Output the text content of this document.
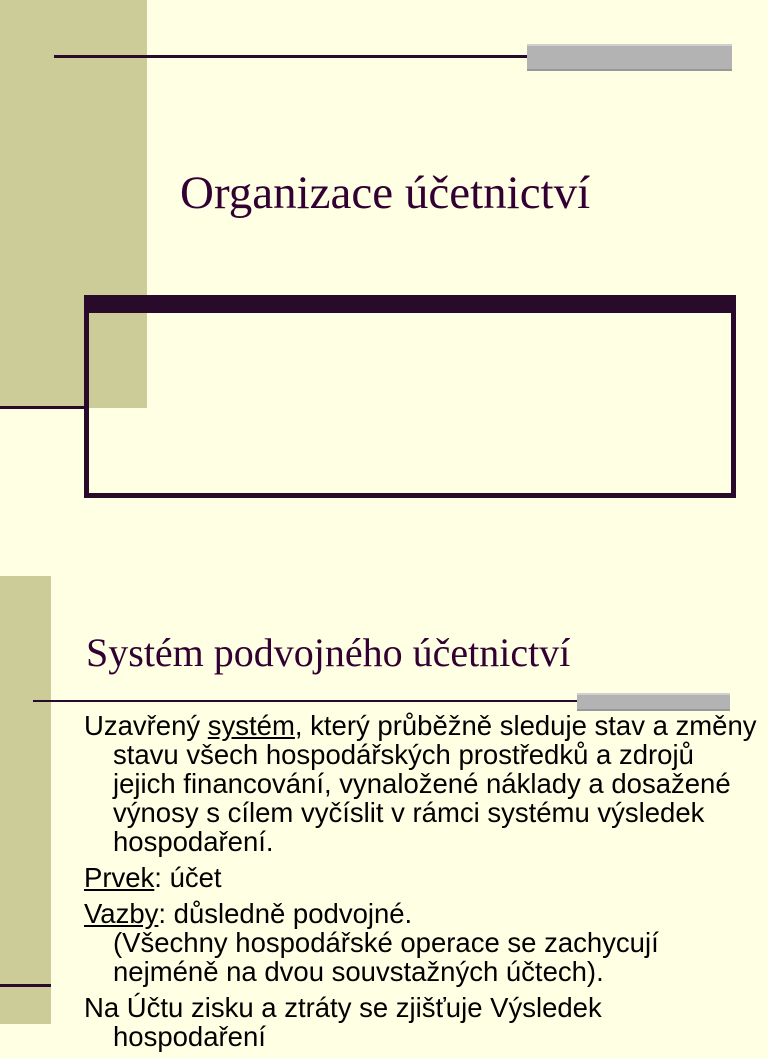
Organizace účetnictví
Systém podvojného účetnictví

Uzavřený systém, který průběžně sleduje stav a změny stavu všech hospodářských prostředků a zdrojů jejich financování, vynaložené náklady a dosažené výnosy s cílem vyčíslit v rámci systému výsledek hospodaření.

Prvek: účet

Vazby: důsledně podvojné.
(Všechny hospodářské operace se zachycují nejméně na dvou souvstažných účtech).

Na Účtu zisku a ztráty se zjišťuje Výsledek hospodaření
